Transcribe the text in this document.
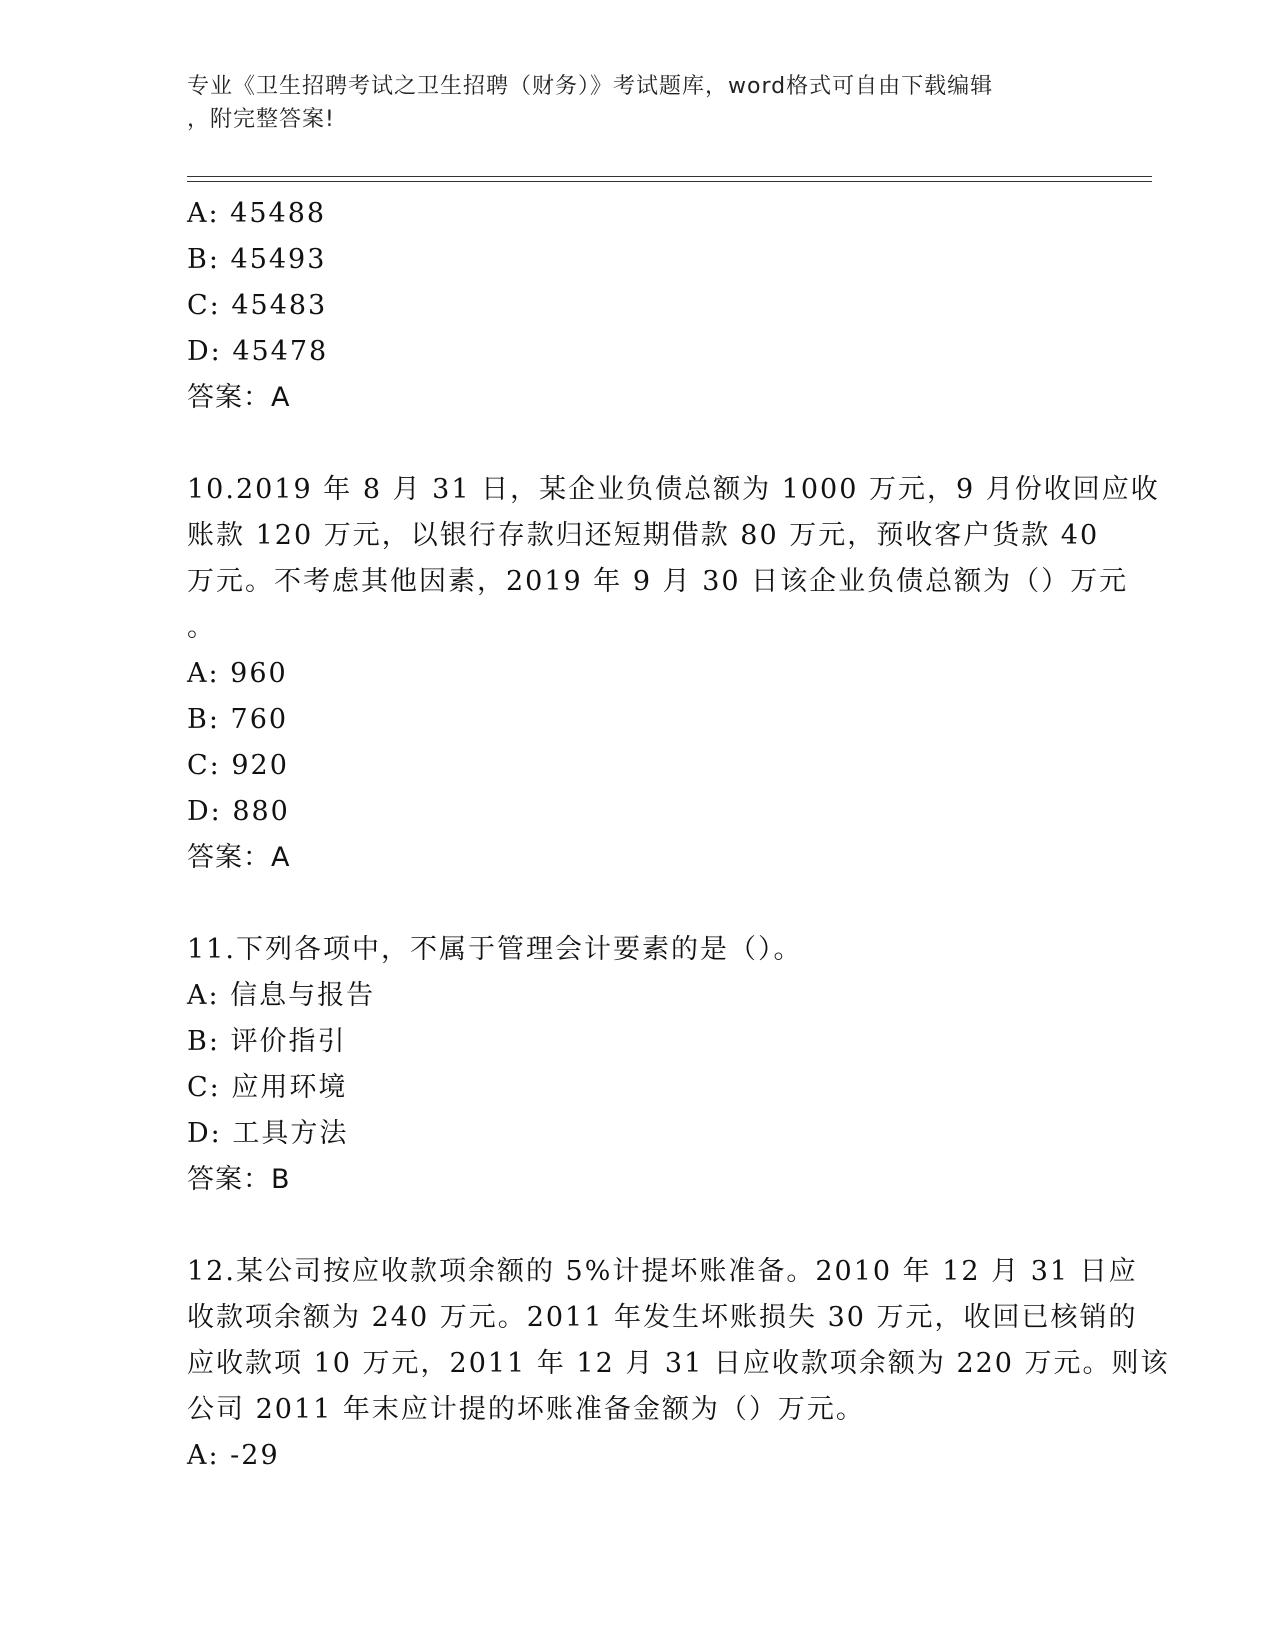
专业《卫生招聘考试之卫生招聘（财务）》考试题库，word格式可自由下载编辑
，附完整答案!
A: 45488
B: 45493
C: 45483
D: 45478
答案：A
10.2019 年 8 月 31 日，某企业负债总额为 1000 万元，9 月份收回应收
账款 120 万元，以银行存款归还短期借款 80 万元，预收客户货款 40
万元。不考虑其他因素，2019 年 9 月 30 日该企业负债总额为（）万元
。
A: 960
B: 760
C: 920
D: 880
答案：A
11.下列各项中，不属于管理会计要素的是（）。
A: 信息与报告
B: 评价指引
C: 应用环境
D: 工具方法
答案：B
12.某公司按应收款项余额的 5%计提坏账准备。2010 年 12 月 31 日应
收款项余额为 240 万元。2011 年发生坏账损失 30 万元，收回已核销的
应收款项 10 万元，2011 年 12 月 31 日应收款项余额为 220 万元。则该
公司 2011 年末应计提的坏账准备金额为（）万元。
A: -29
